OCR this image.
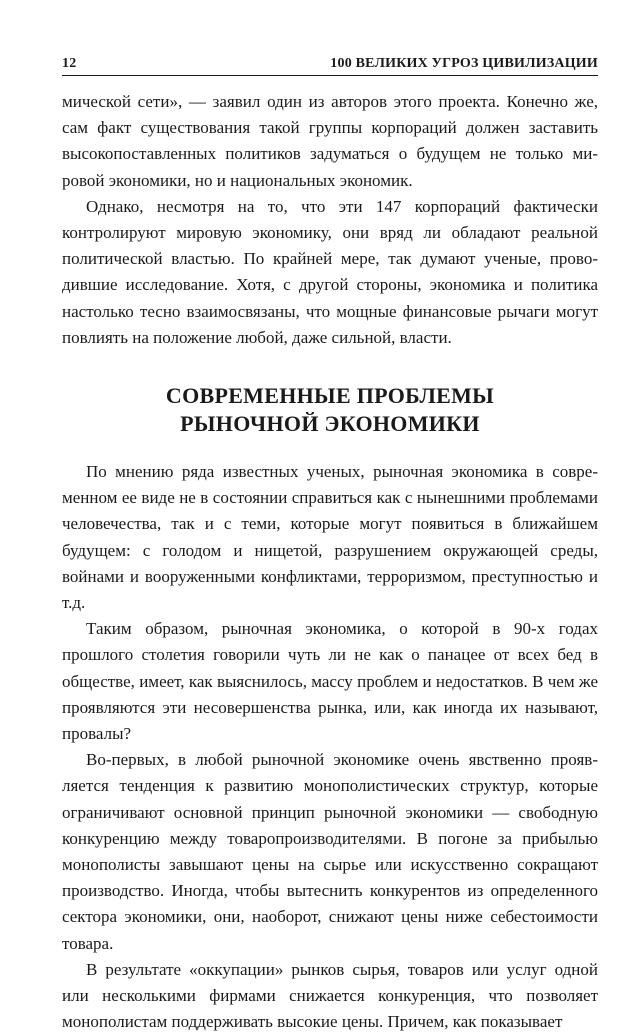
12	100 ВЕЛИКИХ УГРОЗ ЦИВИЛИЗАЦИИ

мической сети», — заявил один из авторов этого проекта. Конечно же, сам факт существования такой группы корпораций должен заставить высокопоставленных политиков задуматься о будущем не только мировой экономики, но и национальных экономик.

Однако, несмотря на то, что эти 147 корпораций фактически контролируют мировую экономику, они вряд ли обладают реальной политической властью. По крайней мере, так думают ученые, проводившие исследование. Хотя, с другой стороны, экономика и политика настолько тесно взаимосвязаны, что мощные финансовые рычаги могут повлиять на положение любой, даже сильной, власти.

СОВРЕМЕННЫЕ ПРОБЛЕМЫ
РЫНОЧНОЙ ЭКОНОМИКИ

По мнению ряда известных ученых, рыночная экономика в современном ее виде не в состоянии справиться как с нынешними проблемами человечества, так и с теми, которые могут появиться в ближайшем будущем: с голодом и нищетой, разрушением окружающей среды, войнами и вооруженными конфликтами, терроризмом, преступностью и т.д.

Таким образом, рыночная экономика, о которой в 90-х годах прошлого столетия говорили чуть ли не как о панацее от всех бед в обществе, имеет, как выяснилось, массу проблем и недостатков. В чем же проявляются эти несовершенства рынка, или, как иногда их называют, провалы?

Во-первых, в любой рыночной экономике очень явственно проявляется тенденция к развитию монополистических структур, которые ограничивают основной принцип рыночной экономики — свободную конкуренцию между товаропроизводителями. В погоне за прибылью монополисты завышают цены на сырье или искусственно сокращают производство. Иногда, чтобы вытеснить конкурентов из определенного сектора экономики, они, наоборот, снижают цены ниже себестоимости товара.

В результате «оккупации» рынков сырья, товаров или услуг одной или несколькими фирмами снижается конкуренция, что позволяет монополистам поддерживать высокие цены. Причем, как показывает
